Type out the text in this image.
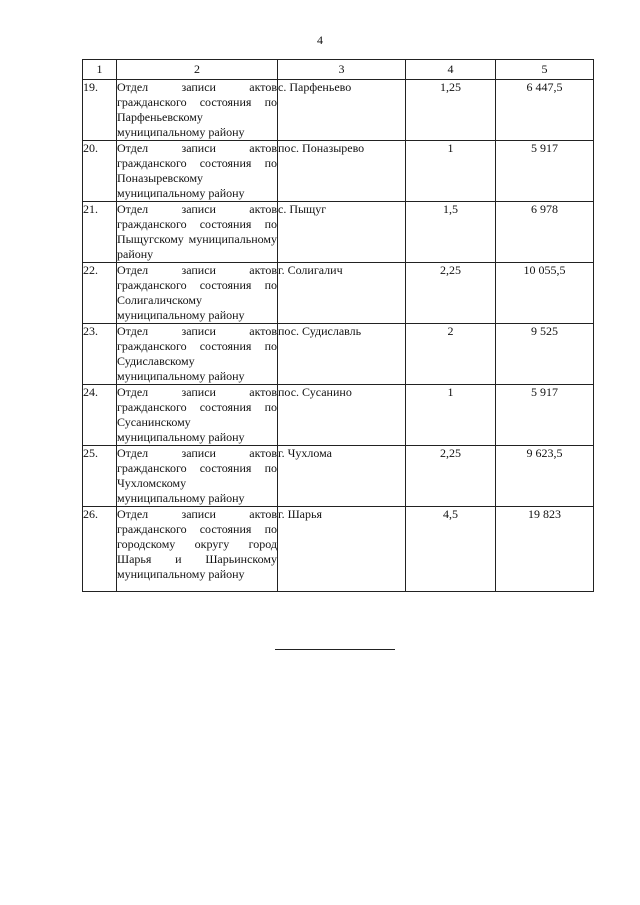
4
1	2	3	4	5
19.	Отдел записи актов гражданского состояния по Парфеньевскому муниципальному району	с. Парфеньево	1,25	6 447,5
20.	Отдел записи актов гражданского состояния по Поназыревскому муниципальному району	пос. Поназырево	1	5 917
21.	Отдел записи актов гражданского состояния по Пыщугскому муниципальному району	с. Пыщуг	1,5	6 978
22.	Отдел записи актов гражданского состояния по Солигаличскому муниципальному району	г. Солигалич	2,25	10 055,5
23.	Отдел записи актов гражданского состояния по Судиславскому муниципальному району	пос. Судиславль	2	9 525
24.	Отдел записи актов гражданского состояния по Сусанинскому муниципальному району	пос. Сусанино	1	5 917
25.	Отдел записи актов гражданского состояния по Чухломскому муниципальному району	г. Чухлома	2,25	9 623,5
26.	Отдел записи актов гражданского состояния по городскому округу город Шарья и Шарьинскому муниципальному району	г. Шарья	4,5	19 823
